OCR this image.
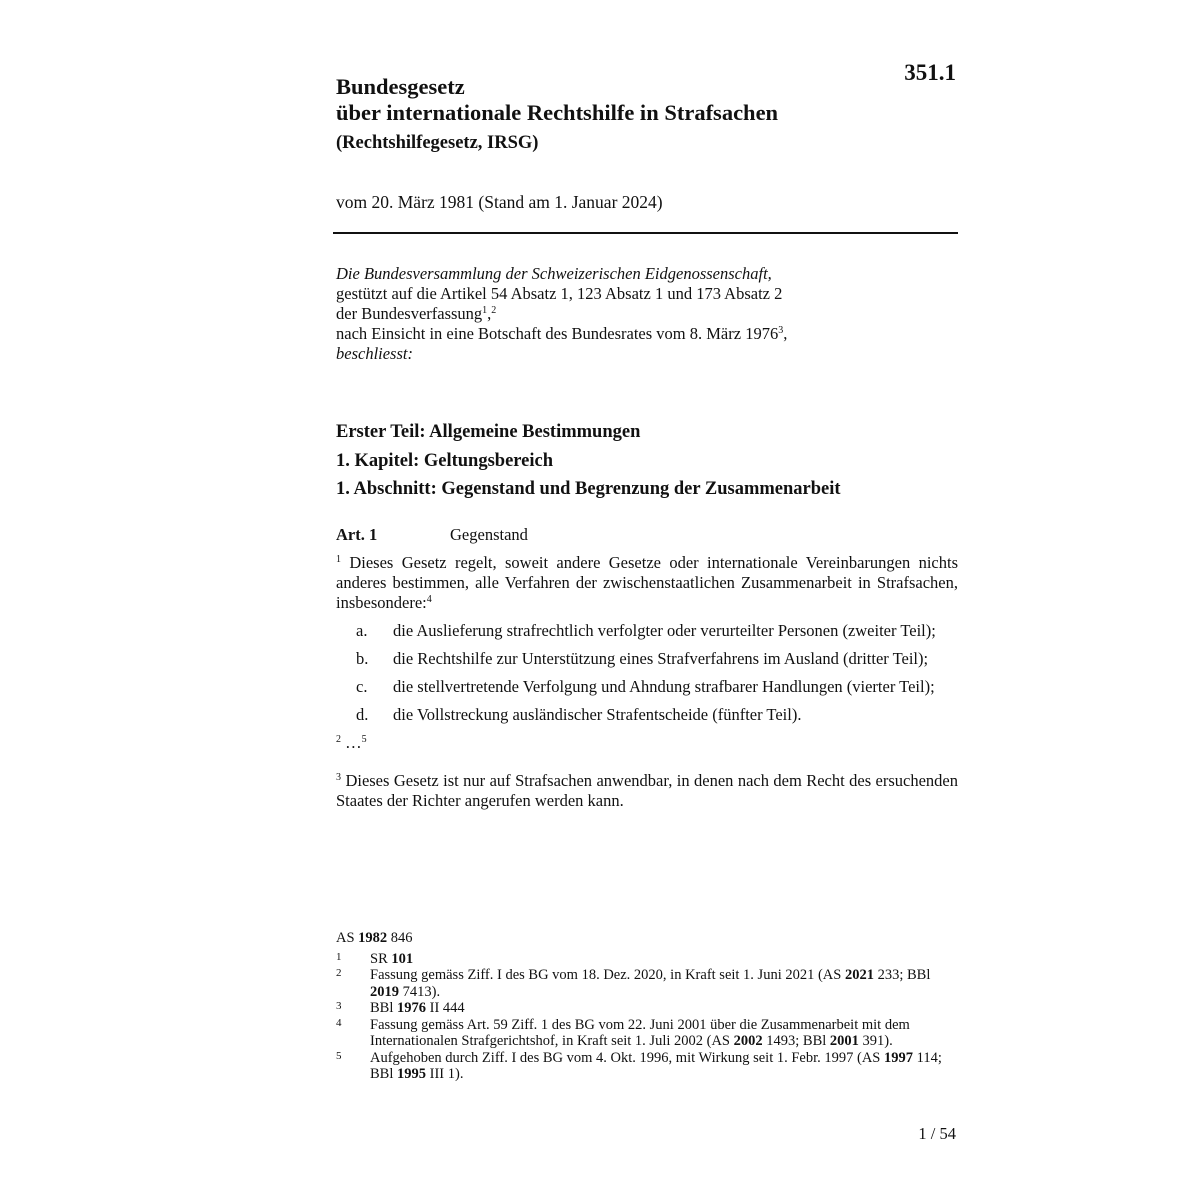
351.1

Bundesgesetz
über internationale Rechtshilfe in Strafsachen
(Rechtshilfegesetz, IRSG)
vom 20. März 1981 (Stand am 1. Januar 2024)
Die Bundesversammlung der Schweizerischen Eidgenossenschaft,
gestützt auf die Artikel 54 Absatz 1, 123 Absatz 1 und 173 Absatz 2
der Bundesverfassung$^1$,$^2$
nach Einsicht in eine Botschaft des Bundesrates vom 8. März 1976$^3$,
beschliesst:
Erster Teil: Allgemeine Bestimmungen
1. Kapitel: Geltungsbereich
1. Abschnitt: Gegenstand und Begrenzung der Zusammenarbeit
Art. 1	Gegenstand
$^1$ Dieses Gesetz regelt, soweit andere Gesetze oder internationale Vereinbarungen nichts anderes bestimmen, alle Verfahren der zwischenstaatlichen Zusammenarbeit in Strafsachen, insbesondere:$^4$
a.	die Auslieferung strafrechtlich verfolgter oder verurteilter Personen (zweiter Teil);
b.	die Rechtshilfe zur Unterstützung eines Strafverfahrens im Ausland (dritter Teil);
c.	die stellvertretende Verfolgung und Ahndung strafbarer Handlungen (vierter Teil);
d.	die Vollstreckung ausländischer Strafentscheide (fünfter Teil).
$^2$ …$^5$
$^3$ Dieses Gesetz ist nur auf Strafsachen anwendbar, in denen nach dem Recht des ersuchenden Staates der Richter angerufen werden kann.
AS 1982 846
1	SR 101
2	Fassung gemäss Ziff. I des BG vom 18. Dez. 2020, in Kraft seit 1. Juni 2021 (AS 2021 233; BBl 2019 7413).
3	BBl 1976 II 444
4	Fassung gemäss Art. 59 Ziff. 1 des BG vom 22. Juni 2001 über die Zusammenarbeit mit dem Internationalen Strafgerichtshof, in Kraft seit 1. Juli 2002 (AS 2002 1493; BBl 2001 391).
5	Aufgehoben durch Ziff. I des BG vom 4. Okt. 1996, mit Wirkung seit 1. Febr. 1997 (AS 1997 114; BBl 1995 III 1).
1 / 54
